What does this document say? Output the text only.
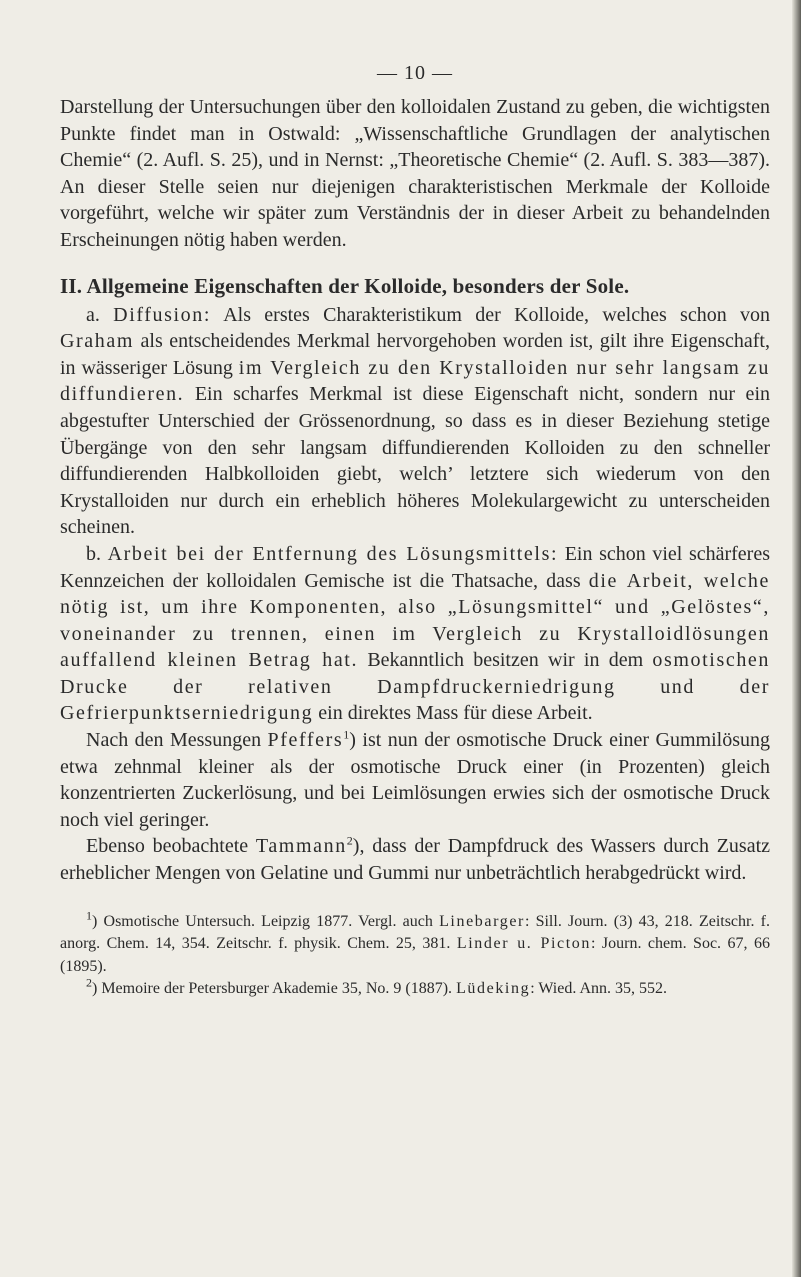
— 10 —

Darstellung der Untersuchungen über den kolloidalen Zustand zu geben, die wichtigsten Punkte findet man in Ostwald: „Wissenschaftliche Grundlagen der analytischen Chemie“ (2. Aufl. S. 25), und in Nernst: „Theoretische Chemie“ (2. Aufl. S. 383—387). An dieser Stelle seien nur diejenigen charakteristischen Merkmale der Kolloide vorgeführt, welche wir später zum Verständnis der in dieser Arbeit zu behandelnden Erscheinungen nötig haben werden.

II. Allgemeine Eigenschaften der Kolloide, besonders der Sole.

a. Diffusion: Als erstes Charakteristikum der Kolloide, welches schon von Graham als entscheidendes Merkmal hervorgehoben worden ist, gilt ihre Eigenschaft, in wässeriger Lösung im Vergleich zu den Krystalloiden nur sehr langsam zu diffundieren. Ein scharfes Merkmal ist diese Eigenschaft nicht, sondern nur ein abgestufter Unterschied der Grössenordnung, so dass es in dieser Beziehung stetige Übergänge von den sehr langsam diffundierenden Kolloiden zu den schneller diffundierenden Halbkolloiden giebt, welch’ letztere sich wiederum von den Krystalloiden nur durch ein erheblich höheres Molekulargewicht zu unterscheiden scheinen.

b. Arbeit bei der Entfernung des Lösungsmittels: Ein schon viel schärferes Kennzeichen der kolloidalen Gemische ist die Thatsache, dass die Arbeit, welche nötig ist, um ihre Komponenten, also „Lösungsmittel“ und „Gelöstes“, voneinander zu trennen, einen im Vergleich zu Krystalloidlösungen auffallend kleinen Betrag hat. Bekanntlich besitzen wir in dem osmotischen Drucke der relativen Dampfdruckerniedrigung und der Gefrierpunktserniedrigung ein direktes Mass für diese Arbeit.

Nach den Messungen Pfeffers$^1$) ist nun der osmotische Druck einer Gummilösung etwa zehnmal kleiner als der osmotische Druck einer (in Prozenten) gleich konzentrierten Zuckerlösung, und bei Leimlösungen erwies sich der osmotische Druck noch viel geringer.

Ebenso beobachtete Tammann$^2$), dass der Dampfdruck des Wassers durch Zusatz erheblicher Mengen von Gelatine und Gummi nur unbeträchtlich herabgedrückt wird.

$^1$) Osmotische Untersuch. Leipzig 1877. Vergl. auch Linebarger: Sill. Journ. (3) 43, 218. Zeitschr. f. anorg. Chem. 14, 354. Zeitschr. f. physik. Chem. 25, 381. Linder u. Picton: Journ. chem. Soc. 67, 66 (1895).

$^2$) Memoire der Petersburger Akademie 35, No. 9 (1887). Lüdeking: Wied. Ann. 35, 552.
